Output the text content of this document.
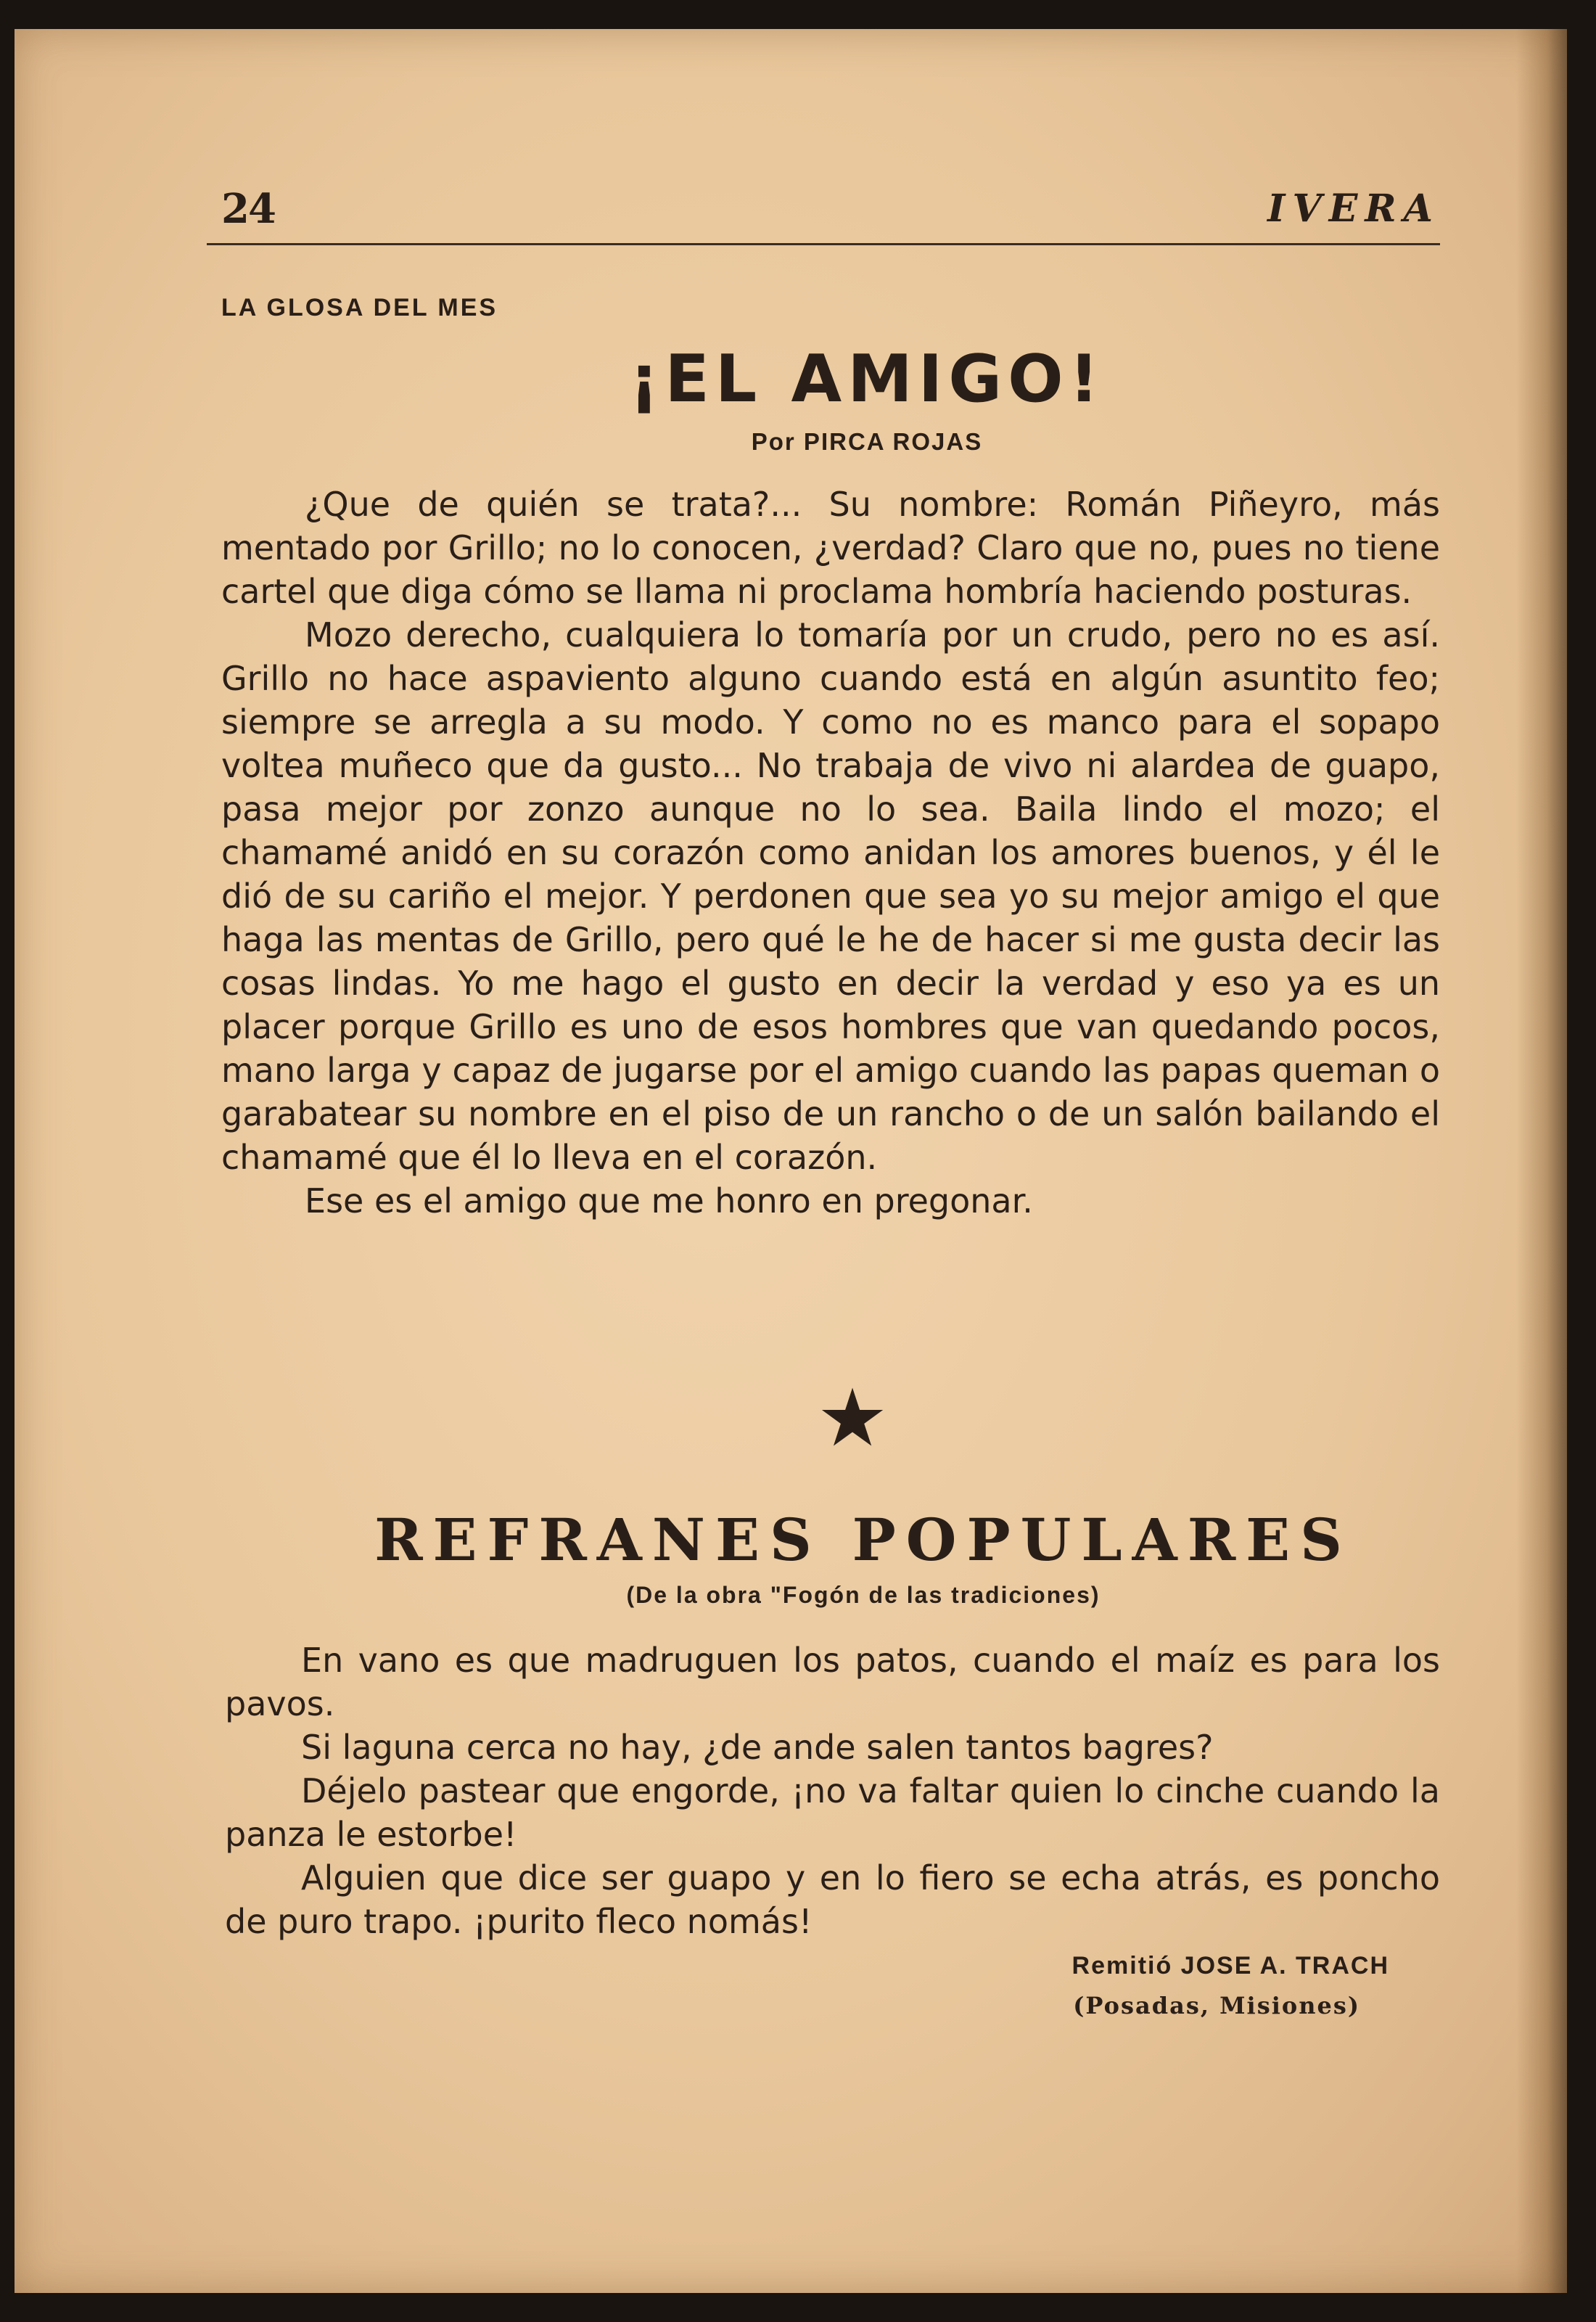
24	IVERA
LA GLOSA DEL MES
¡EL AMIGO!
Por PIRCA ROJAS

¿Que de quién se trata?... Su nombre: Román Piñeyro, más mentado por Grillo; no lo conocen, ¿verdad? Claro que no, pues no tiene cartel que diga cómo se llama ni proclama hombría haciendo posturas.

Mozo derecho, cualquiera lo tomaría por un crudo, pero no es así. Grillo no hace aspaviento alguno cuando está en algún asuntito feo; siempre se arregla a su modo. Y como no es manco para el sopapo voltea muñeco que da gusto... No trabaja de vivo ni alardea de guapo, pasa mejor por zonzo aunque no lo sea. Baila lindo el mozo; el chamamé anidó en su corazón como anidan los amores buenos, y él le dió de su cariño el mejor. Y perdonen que sea yo su mejor amigo el que haga las mentas de Grillo, pero qué le he de hacer si me gusta decir las cosas lindas. Yo me hago el gusto en decir la verdad y eso ya es un placer porque Grillo es uno de esos hombres que van quedando pocos, mano larga y capaz de jugarse por el amigo cuando las papas queman o garabatear su nombre en el piso de un rancho o de un salón bailando el chamamé que él lo lleva en el corazón.

Ese es el amigo que me honro en pregonar.

★
REFRANES POPULARES
(De la obra "Fogón de las tradiciones)

En vano es que madruguen los patos, cuando el maíz es para los pavos.

Si laguna cerca no hay, ¿de ande salen tantos bagres?

Déjelo pastear que engorde, ¡no va faltar quien lo cinche cuando la panza le estorbe!

Alguien que dice ser guapo y en lo fiero se echa atrás, es poncho de puro trapo. ¡purito fleco nomás!

Remitió JOSE A. TRACH
(Posadas, Misiones)
